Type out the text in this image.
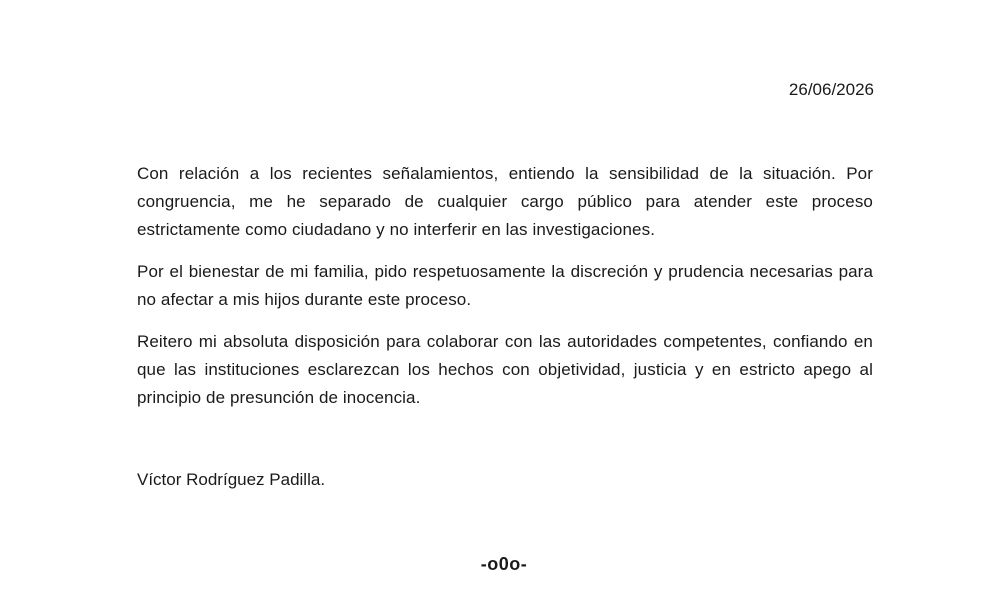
26/06/2026

Con relación a los recientes señalamientos, entiendo la sensibilidad de la situación. Por congruencia, me he separado de cualquier cargo público para atender este proceso estrictamente como ciudadano y no interferir en las investigaciones.

Por el bienestar de mi familia, pido respetuosamente la discreción y prudencia necesarias para no afectar a mis hijos durante este proceso.

Reitero mi absoluta disposición para colaborar con las autoridades competentes, confiando en que las instituciones esclarezcan los hechos con objetividad, justicia y en estricto apego al principio de presunción de inocencia.

Víctor Rodríguez Padilla.
-o0o-
